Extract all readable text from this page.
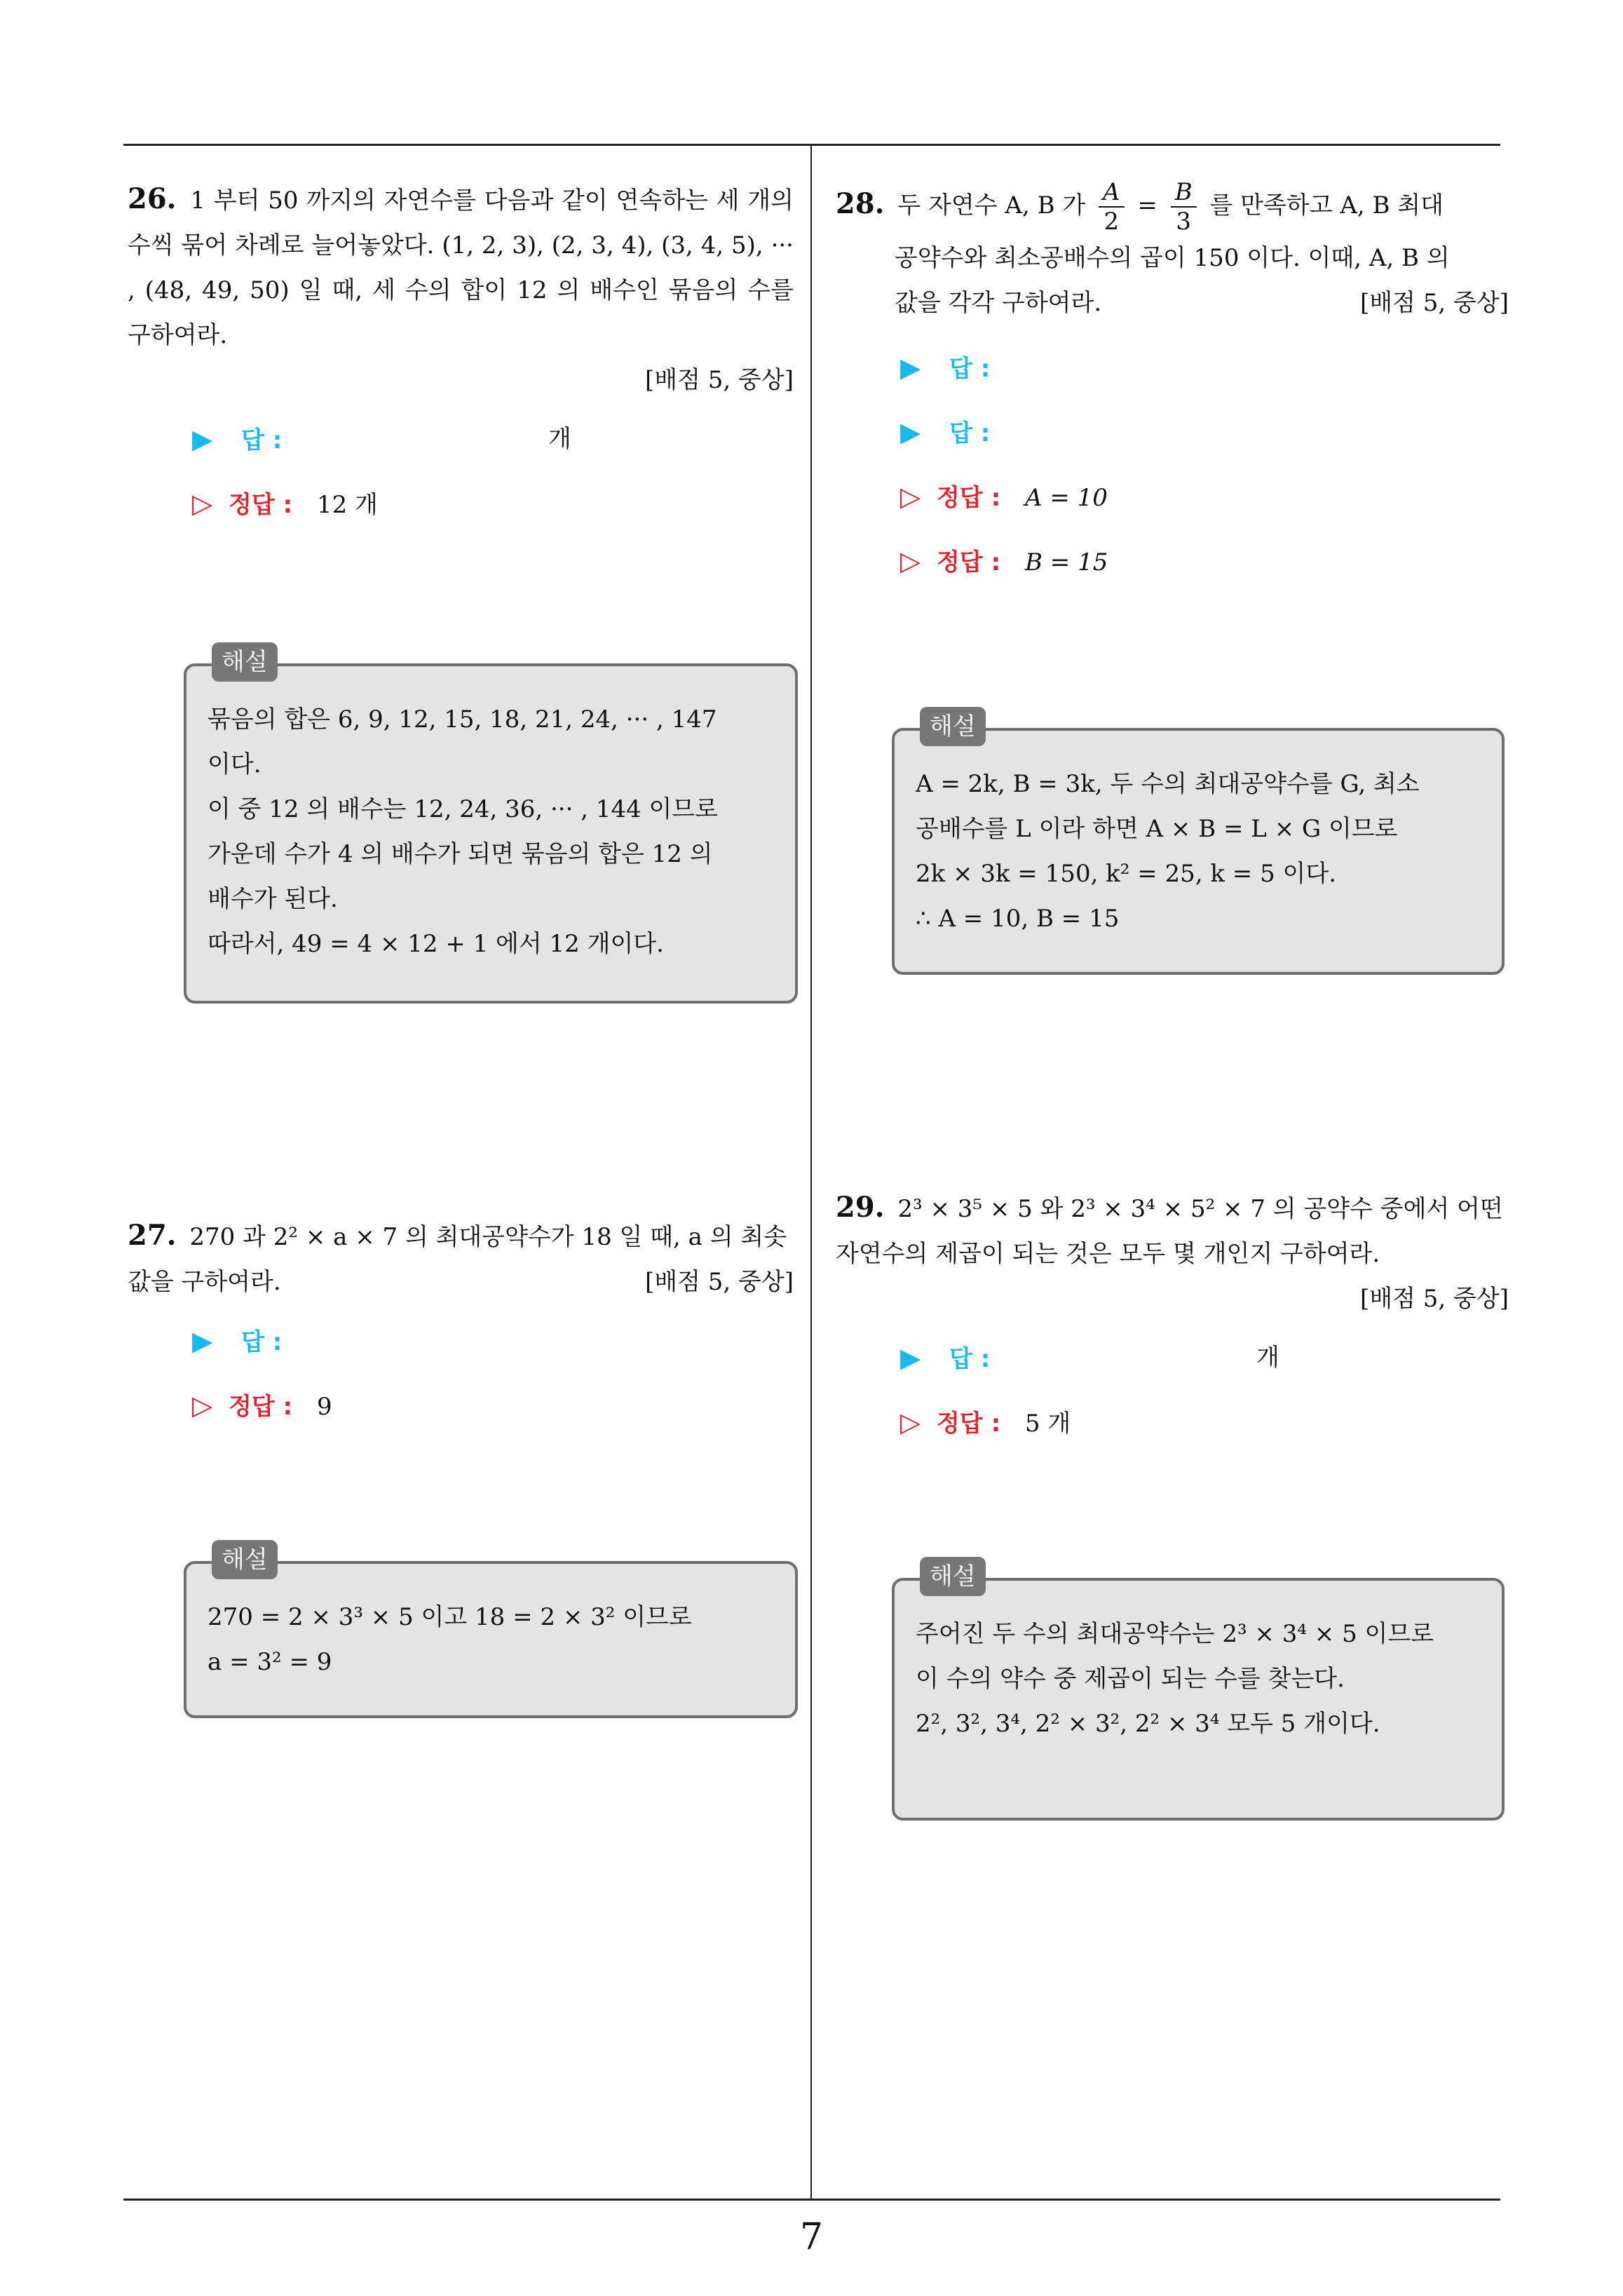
26. 1 부터 50 까지의 자연수를 다음과 같이 연속하는 세 개의 수씩 묶어 차례로 늘어놓았다. (1, 2, 3), (2, 3, 4), (3, 4, 5), ··· , (48, 49, 50) 일 때, 세 수의 합이 12 의 배수인 묶음의 수를 구하여라.
[배점 5, 중상]
▶ 답 :	개
▷ 정답 : 12 개
해설
묶음의 합은 6, 9, 12, 15, 18, 21, 24, ··· , 147
이다.
이 중 12 의 배수는 12, 24, 36, ··· , 144 이므로
가운데 수가 4 의 배수가 되면 묶음의 합은 12 의
배수가 된다.
따라서, 49 = 4 × 12 + 1 에서 12 개이다.
27. 270 과 2² × a × 7 의 최대공약수가 18 일 때, a 의 최솟값을 구하여라.	[배점 5, 중상]
▶ 답 :
▷ 정답 : 9
해설
270 = 2 × 3³ × 5 이고 18 = 2 × 3² 이므로
a = 3² = 9
28. 두 자연수 A, B 가 $\frac{A}{2} = \frac{B}{3}$ 를 만족하고 A, B 최대
공약수와 최소공배수의 곱이 150 이다. 이때, A, B 의
값을 각각 구하여라.	[배점 5, 중상]
▶ 답 :
▶ 답 :
▷ 정답 : A = 10
▷ 정답 : B = 15
해설
A = 2k, B = 3k, 두 수의 최대공약수를 G, 최소
공배수를 L 이라 하면 A × B = L × G 이므로
2k × 3k = 150, k² = 25, k = 5 이다.
∴ A = 10, B = 15
29. 2³ × 3⁵ × 5 와 2³ × 3⁴ × 5² × 7 의 공약수 중에서 어떤 자연수의 제곱이 되는 것은 모두 몇 개인지 구하여라.
[배점 5, 중상]
▶ 답 :	개
▷ 정답 : 5 개
해설
주어진 두 수의 최대공약수는 2³ × 3⁴ × 5 이므로
이 수의 약수 중 제곱이 되는 수를 찾는다.
2², 3², 3⁴, 2² × 3², 2² × 3⁴ 모두 5 개이다.
7
